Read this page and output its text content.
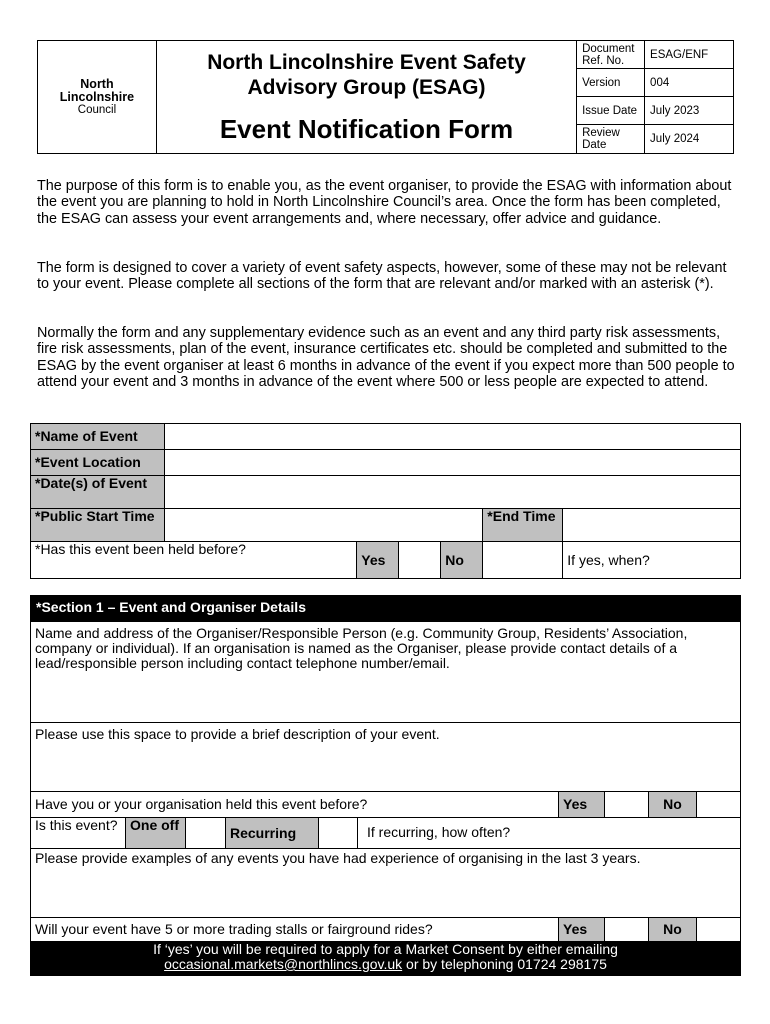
North
Lincolnshire
Council	North Lincolnshire Event Safety
Advisory Group (ESAG)
Event Notification Form	Document Ref. No.	ESAG/ENF
		Version	004
		Issue Date	July 2023
		Review Date	July 2024
The purpose of this form is to enable you, as the event organiser, to provide the ESAG with information about the event you are planning to hold in North Lincolnshire Council’s area. Once the form has been completed, the ESAG can assess your event arrangements and, where necessary, offer advice and guidance.
The form is designed to cover a variety of event safety aspects, however, some of these may not be relevant to your event. Please complete all sections of the form that are relevant and/or marked with an asterisk (*).
Normally the form and any supplementary evidence such as an event and any third party risk assessments, fire risk assessments, plan of the event, insurance certificates etc. should be completed and submitted to the ESAG by the event organiser at least 6 months in advance of the event if you expect more than 500 people to attend your event and 3 months in advance of the event where 500 or less people are expected to attend.
*Name of Event						
*Event Location						
*Date(s) of Event						
*Public Start Time					*End Time	
*Has this event been held before?		Yes		No		If yes, when?
*Section 1 – Event and Organiser Details								

Name and address of the Organiser/Responsible Person (e.g. Community Group, Residents’ Association, company or individual). If an organisation is named as the Organiser, please provide contact details of a lead/responsible person including contact telephone number/email.								

Please use this space to provide a brief description of your event.								

Have you or your organisation held this event before?					Yes		No	
Is this event?	One off		Recurring	If recurring, how often?				

Please provide examples of any events you have had experience of organising in the last 3 years.								

Will your event have 5 or more trading stalls or fairground rides?					Yes		No	

If ‘yes’ you will be required to apply for a Market Consent by either emailing
occasional.markets@northlincs.gov.uk or by telephoning 01724 298175								
